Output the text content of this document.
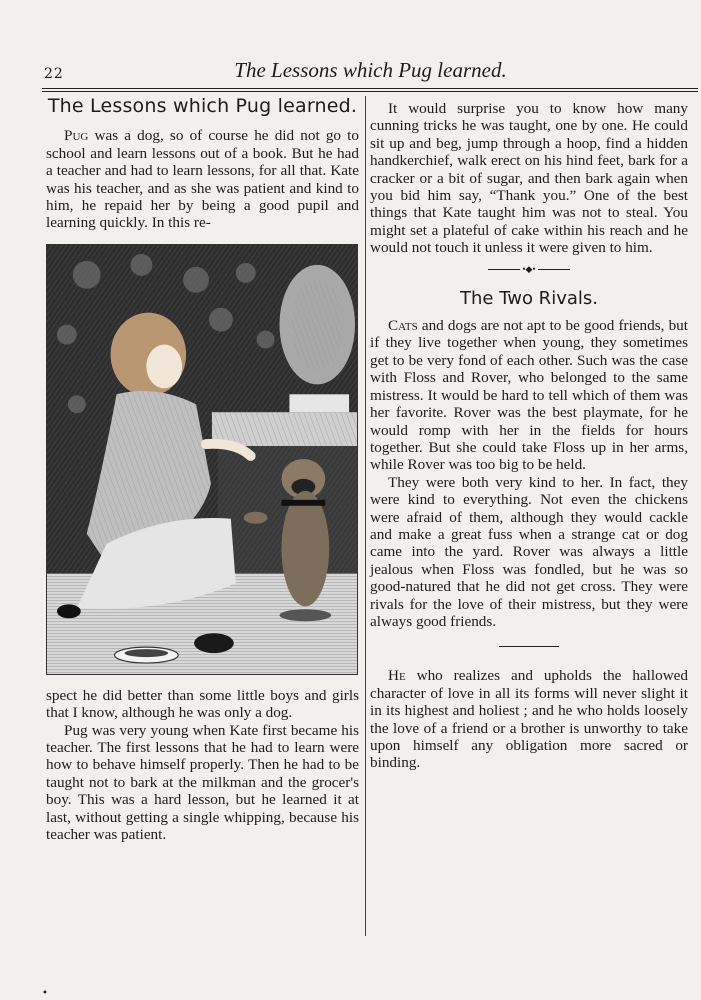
22	The Lessons which Pug learned.
The Lessons which Pug learned.

Pug was a dog, so of course he did not go to school and learn lessons out of a book. But he had a teacher and had to learn lessons, for all that. Kate was his teacher, and as she was patient and kind to him, he repaid her by being a good pupil and learning quickly. In this re-

spect he did better than some little boys and girls that I know, although he was only a dog.

Pug was very young when Kate first became his teacher. The first lessons that he had to learn were how to behave himself properly. Then he had to be taught not to bark at the milkman and the grocer's boy. This was a hard lesson, but he learned it at last, without getting a single whipping, because his teacher was patient.

It would surprise you to know how many cunning tricks he was taught, one by one. He could sit up and beg, jump through a hoop, find a hidden handkerchief, walk erect on his hind feet, bark for a cracker or a bit of sugar, and then bark again when you bid him say, “Thank you.” One of the best things that Kate taught him was not to steal. You might set a plateful of cake within his reach and he would not touch it unless it were given to him.

•◆•
The Two Rivals.

Cats and dogs are not apt to be good friends, but if they live together when young, they sometimes get to be very fond of each other. Such was the case with Floss and Rover, who belonged to the same mistress. It would be hard to tell which of them was her favorite. Rover was the best playmate, for he would romp with her in the fields for hours together. But she could take Floss up in her arms, while Rover was too big to be held.

They were both very kind to her. In fact, they were kind to everything. Not even the chickens were afraid of them, although they would cackle and make a great fuss when a strange cat or dog came into the yard. Rover was always a little jealous when Floss was fondled, but he was so good-natured that he did not get cross. They were rivals for the love of their mistress, but they were always good friends.

He who realizes and upholds the hallowed character of love in all its forms will never slight it in its highest and holiest ; and he who holds loosely the love of a friend or a brother is unworthy to take upon himself any obligation more sacred or binding.

•
